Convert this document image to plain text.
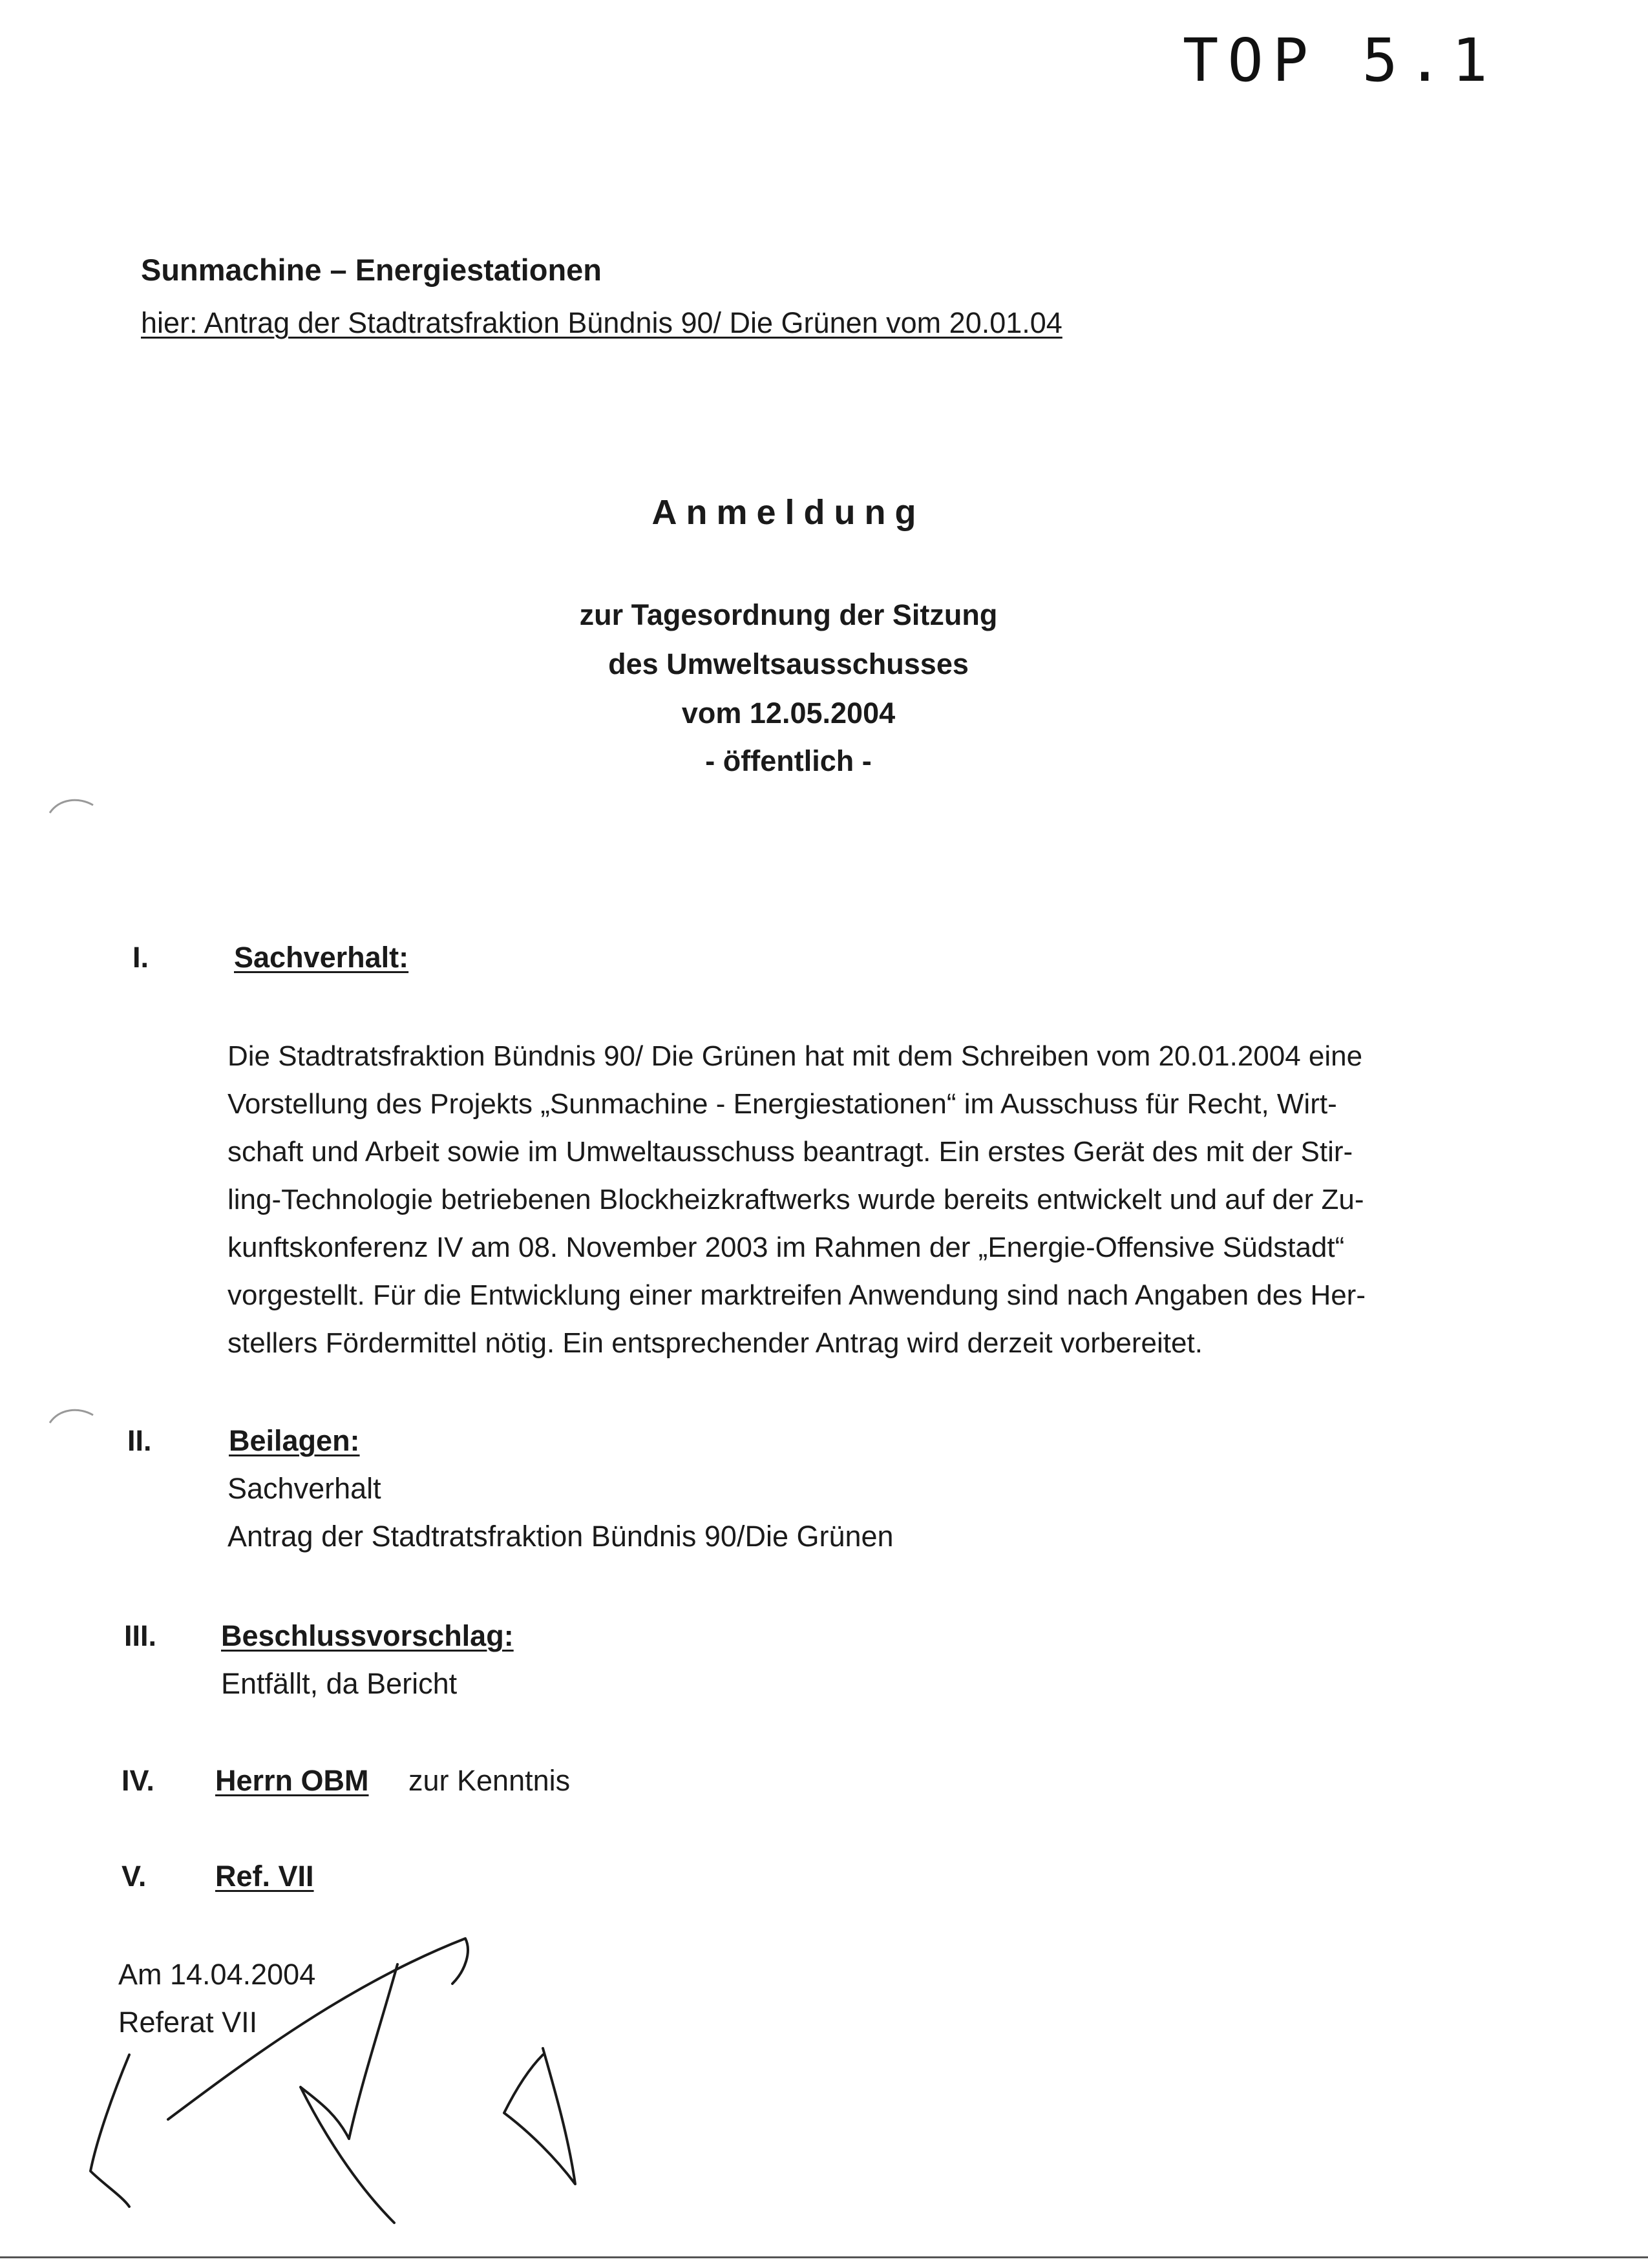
TOP 5.1
Sunmachine – Energiestationen
hier: Antrag der Stadtratsfraktion Bündnis 90/ Die Grünen vom 20.01.04
Anmeldung
zur Tagesordnung der Sitzung
des Umweltsausschusses
vom 12.05.2004
- öffentlich -
I.	Sachverhalt:
Die Stadtratsfraktion Bündnis 90/ Die Grünen hat mit dem Schreiben vom 20.01.2004 eine
Vorstellung des Projekts „Sunmachine - Energiestationen“ im Ausschuss für Recht, Wirt-
schaft und Arbeit sowie im Umweltausschuss beantragt. Ein erstes Gerät des mit der Stir-
ling-Technologie betriebenen Blockheizkraftwerks wurde bereits entwickelt und auf der Zu-
kunftskonferenz IV am 08. November 2003 im Rahmen der „Energie-Offensive Südstadt“
vorgestellt. Für die Entwicklung einer marktreifen Anwendung sind nach Angaben des Her-
stellers Fördermittel nötig. Ein entsprechender Antrag wird derzeit vorbereitet.
II.	Beilagen:
Sachverhalt
Antrag der Stadtratsfraktion Bündnis 90/Die Grünen
III. Beschlussvorschlag:
Entfällt, da Bericht
IV. Herrn OBM zur Kenntnis
V. Ref. VII
Am 14.04.2004
Referat VII
